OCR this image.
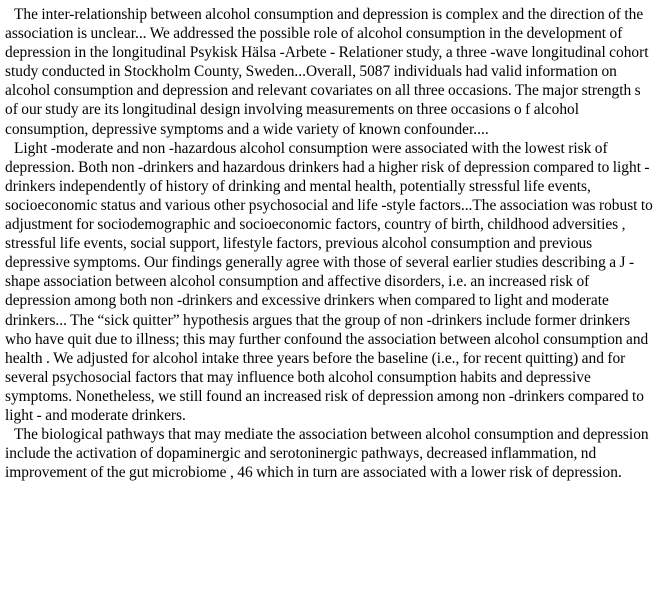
The inter-relationship between alcohol consumption and depression is complex and the direction of the association is unclear... We addressed the possible role of alcohol consumption in the development of depression in the longitudinal Psykisk Hälsa -Arbete - Relationer study, a three -wave longitudinal cohort study conducted in Stockholm County, Sweden...Overall, 5087 individuals had valid information on alcohol consumption and depression and relevant covariates on all three occasions. The major strength s of our study are its longitudinal design involving measurements on three occasions o f alcohol consumption, depressive symptoms and a wide variety of known confounder....

Light -moderate and non -hazardous alcohol consumption were associated with the lowest risk of depression. Both non -drinkers and hazardous drinkers had a higher risk of depression compared to light -drinkers independently of history of drinking and mental health, potentially stressful life events, socioeconomic status and various other psychosocial and life -style factors...The association was robust to adjustment for sociodemographic and socioeconomic factors, country of birth, childhood adversities , stressful life events, social support, lifestyle factors, previous alcohol consumption and previous depressive symptoms. Our findings generally agree with those of several earlier studies describing a J -shape association between alcohol consumption and affective disorders, i.e. an increased risk of depression among both non -drinkers and excessive drinkers when compared to light and moderate drinkers... The “sick quitter” hypothesis argues that the group of non -drinkers include former drinkers who have quit due to illness; this may further confound the association between alcohol consumption and health . We adjusted for alcohol intake three years before the baseline (i.e., for recent quitting) and for several psychosocial factors that may influence both alcohol consumption habits and depressive symptoms. Nonetheless, we still found an increased risk of depression among non -drinkers compared to light - and moderate drinkers.

The biological pathways that may mediate the association between alcohol consumption and depression include the activation of dopaminergic and serotoninergic pathways, decreased inflammation, nd improvement of the gut microbiome , 46 which in turn are associated with a lower risk of depression.
